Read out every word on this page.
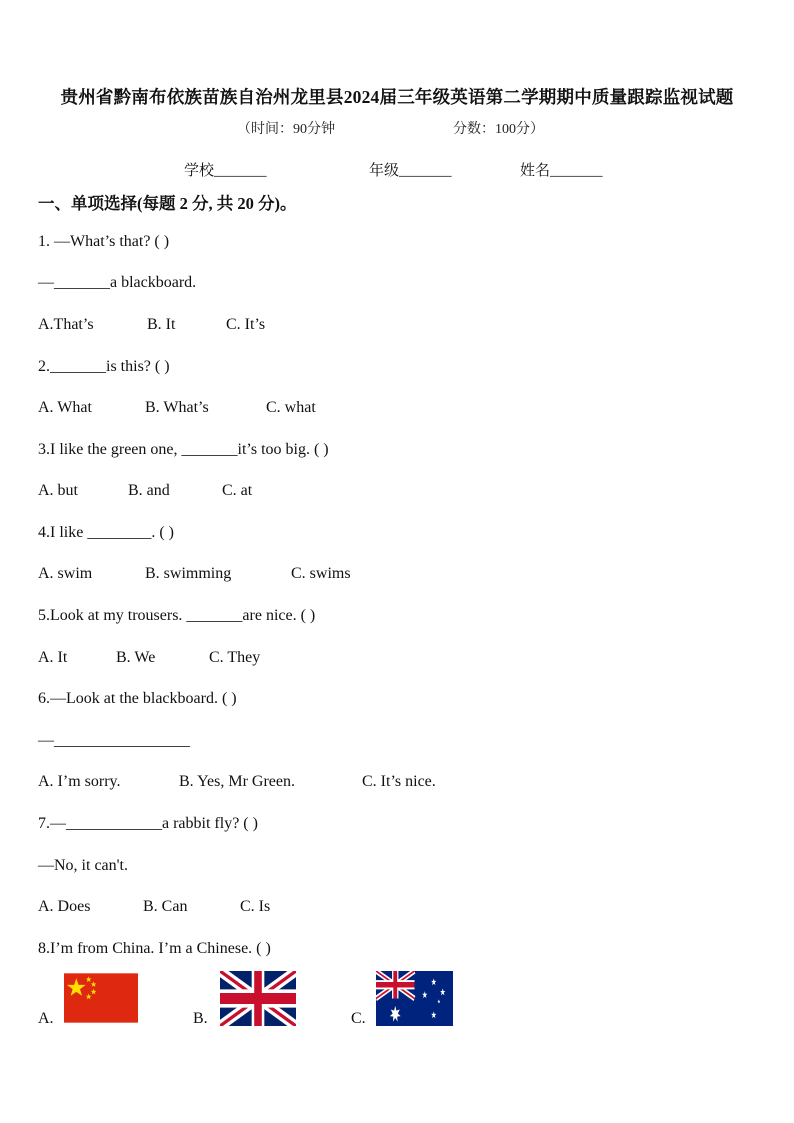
贵州省黔南布依族苗族自治州龙里县2024届三年级英语第二学期期中质量跟踪监视试题
（时间：90分钟	分数：100分）
学校_______	年级_______	姓名_______
一、单项选择(每题 2 分, 共 20 分)。
1. —What’s that? ( )
—_______a blackboard.
A.That’s	B. It	C. It’s
2._______is this? ( )
A. What	B. What’s	C. what
3.I like the green one, _______it’s too big. ( )
A. but	B. and	C. at
4.I like ________. ( )
A. swim	B. swimming	C. swims
5.Look at my trousers. _______are nice. ( )
A. It	B. We	C. They
6.—Look at the blackboard. ( )
—_________________
A. I’m sorry.	B. Yes, Mr Green.	C. It’s nice.
7.—____________a rabbit fly? ( )
—No, it can't.
A. Does	B. Can	C. Is
8.I’m from China. I’m a Chinese. ( )
A.	B.	C.
